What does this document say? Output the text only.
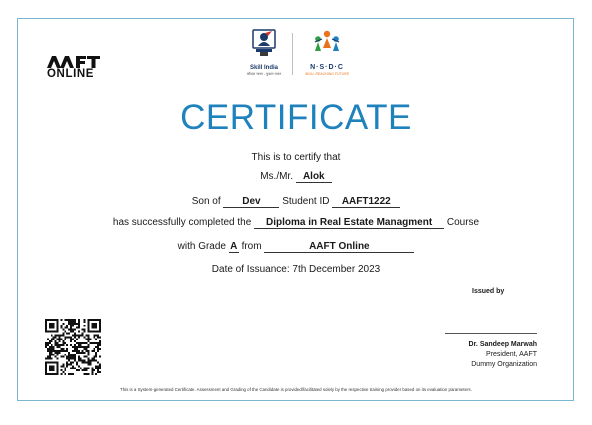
ONLINE	Skill India
कौशल भारत - कुशल भारत
N·S·D·C
SKILL REACHING FUTURE
CERTIFICATE
This is to certify that
Ms./Mr. Alok
Son of Dev Student ID AAFT1222
has successfully completed the Diploma in Real Estate Managment Course
with Grade A from	AAFT Online
Date of Issuance: 7th December 2023
Issued by
Dr. Sandeep Marwah
President, AAFT
Dummy Organization
This is a System-generated Certificate. Assessment and Grading of the Candidate is provided/facilitated solely by the respective training provider based on its evaluation parameters.
